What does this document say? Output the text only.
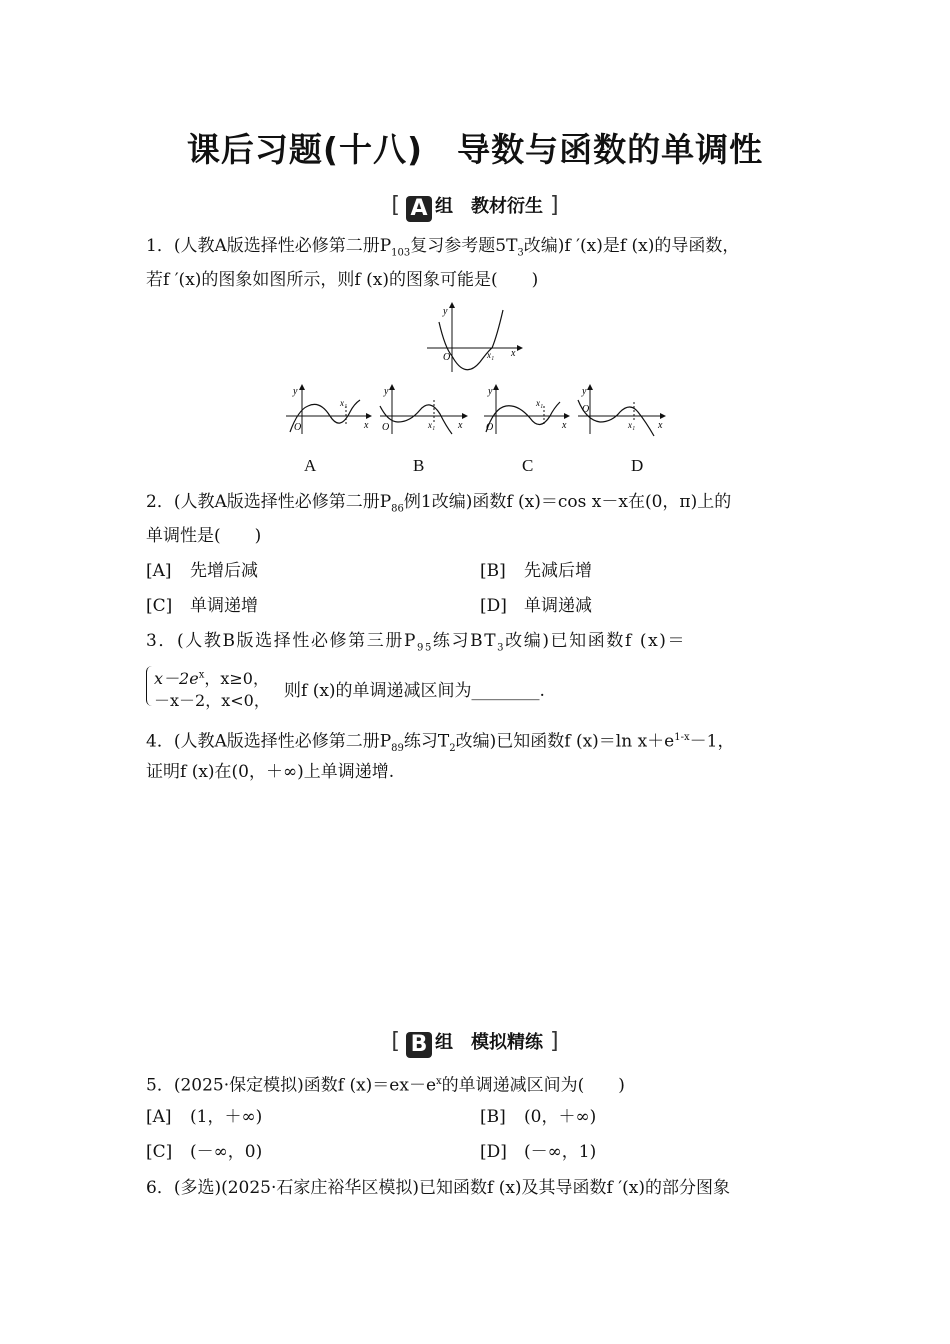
课后习题(十八)　导数与函数的单调性
[ A 组 教材衍生 ]
1．(人教A版选择性必修第二册$P_{103}$复习参考题$5T_3$改编)f ′(x)是f (x)的导函数，
若f ′(x)的图象如图所示，则f (x)的图象可能是(　　)
y
O	x₁ x
y
O
x₁
x
y
O	x₁ x
y
O
x₁
x
y
O
x₁ x
A	B	C	D
2．(人教A版选择性必修第二册$P_{86}$例1改编)函数f (x)＝cos x－x在(0，π)上的
单调性是(　　)
[A] 先增后减	[B] 先减后增
[C] 单调递增	[D] 单调递减
3．(人教B版选择性必修第三册$P_{95}$练习$BT_3$改编)已知函数f (x)＝
$x-2e^x$，x≥0，
－x－2，x<0， 则f (x)的单调递减区间为________.
4．(人教A版选择性必修第二册$P_{89}$练习$T_2$改编)已知函数f (x)＝ln $x+e^{1-x}-1$，
证明f (x)在(0，＋∞)上单调递增.
[ B 组 模拟精练 ]
5．(2025·保定模拟)函数f $(x)=ex-e^x$的单调递减区间为(　　)
[A] (1，＋∞)	[B] (0，＋∞)
[C] (－∞，0)	[D] (－∞，1)
6．(多选)(2025·石家庄裕华区模拟)已知函数f (x)及其导函数f ′(x)的部分图象
